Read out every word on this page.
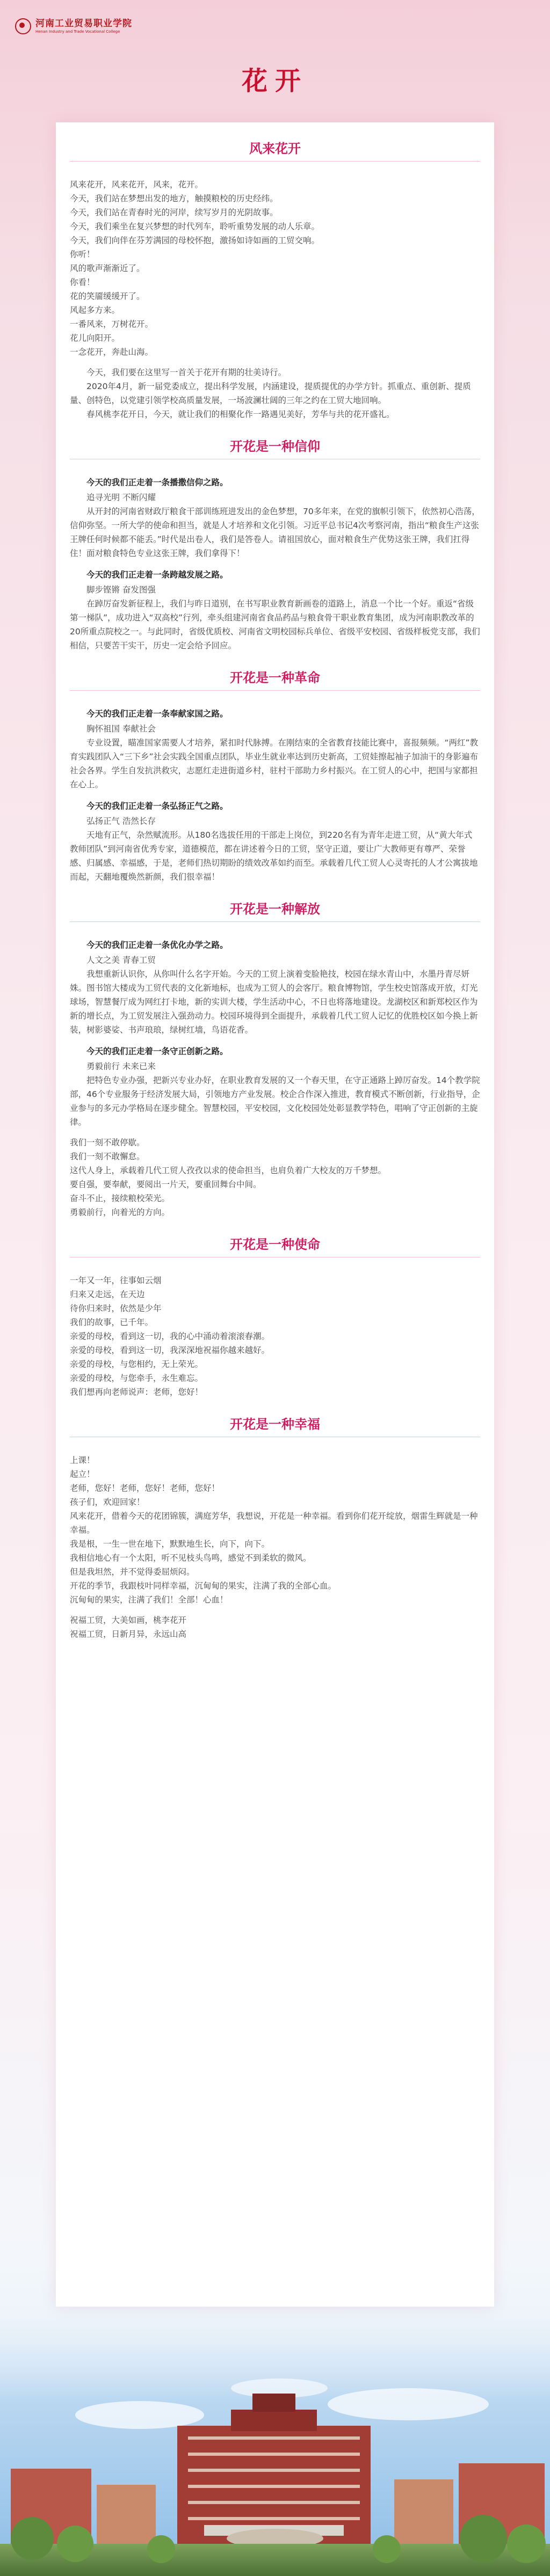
河南工业贸易职业学院
Henan Industry and Trade Vocational College
花开
风来花开
风来花开，风来花开，风来，花开。
今天，我们站在梦想出发的地方，触摸粮校的历史经纬。
今天，我们站在青春时光的河岸，续写岁月的光阴故事。
今天，我们乘坐在复兴梦想的时代列车，聆听重势发展的动人乐章。
今天，我们向伴在芬芳满园的母校怀抱，激扬如诗如画的工贸交响。
你听！
风的歌声渐渐近了。
你看！
花的笑靥缓缓开了。
风起多方来。
一番风来，万树花开。
花儿向阳开。
一念花开，奔赴山海。
今天，我们要在这里写一首关于花开有期的壮美诗行。
2020年4月，新一届党委成立，提出科学发展，内涵建设，提质提优的办学方针。抓重点、重创新、提质量、创特色，以党建引领学校高质量发展，一场波澜壮阔的三年之约在工贸大地回响。
春风桃李花开日，今天，就让我们的相聚化作一路遇见美好，芳华与共的花开盛礼。
开花是一种信仰
今天的我们正走着一条播撒信仰之路。
追寻光明 不断闪耀
从开封的河南省财政厅粮食干部训练班进发出的金色梦想，70多年来，在党的旗帜引领下，依然初心浩荡，信仰弥坚。一所大学的使命和担当，就是人才培养和文化引领。习近平总书记4次考察河南，指出“粮食生产这张王牌任何时候都不能丢。”时代是出卷人，我们是答卷人。请祖国放心，面对粮食生产优势这张王牌，我们扛得住！面对粮食特色专业这张王牌，我们拿得下！
今天的我们正走着一条跨越发展之路。
脚步铿锵 奋发图强
在踔厉奋发新征程上，我们与昨日道别，在书写职业教育新画卷的道路上，消息一个比一个好。重返“省级第一梯队”，成功进入“双高校”行列，牵头组建河南省食品药品与粮食骨干职业教育集团，成为河南职教改革的20所重点院校之一。与此同时，省级优质校、河南省文明校园标兵单位、省级平安校园、省级样板党支部，我们相信，只要苦干实干，历史一定会给予回应。
开花是一种革命
今天的我们正走着一条奉献家国之路。
胸怀祖国 奉献社会
专业设置，瞄准国家需要人才培养，紧扣时代脉搏。在刚结束的全省教育技能比赛中，喜报频频。“两红”教育实践团队入“三下乡”社会实践全国重点团队，毕业生就业率达到历史新高，工贸娃擦起袖子加油干的身影遍布社会各界。学生自发抗洪救灾，志愿红走进街道乡村，驻村干部助力乡村振兴。在工贸人的心中，把国与家都担在心上。
今天的我们正走着一条弘扬正气之路。
弘扬正气 浩然长存
天地有正气，杂然赋流形。从180名选拔任用的干部走上岗位，到220名有为青年走进工贸，从“黄大年式教师团队”到河南省优秀专家，道德模范，都在讲述着今日的工贸，坚守正道，要让广大教师更有尊严、荣誉感、归属感、幸福感，于是，老师们热切期盼的绩效改革如约而至。承载着几代工贸人心灵寄托的人才公寓拔地而起，天翻地覆焕然新颜，我们很幸福！
开花是一种解放
今天的我们正走着一条优化办学之路。
人文之美 青春工贸
我想重新认识你，从你叫什么名字开始。今天的工贸上演着变脸艳技，校园在绿水青山中，水墨丹青尽妍姝。图书馆大楼成为工贸代表的文化新地标，也成为工贸人的会客厅。粮食博物馆，学生校史馆落成开放，灯光球场，智慧餐厅成为网红打卡地，新的实训大楼，学生活动中心，不日也将落地建设。龙湖校区和新郑校区作为新的增长点，为工贸发展注入强劲动力。校园环境得到全面提升，承载着几代工贸人记忆的优胜校区如今换上新装，树影婆娑、书声琅琅，绿树红墙，鸟语花香。
今天的我们正走着一条守正创新之路。
勇毅前行 未来已来
把特色专业办强，把新兴专业办好，在职业教育发展的又一个春天里，在守正通路上踔厉奋发。14个教学院部，46个专业服务于经济发展大局，引领地方产业发展。校企合作深入推进，教育模式不断创新，行业指导，企业参与的多元办学格局在逐步健全。智慧校园，平安校园，文化校园处处彰显教学特色，唱响了守正创新的主旋律。
我们一刻不敢停歇。
我们一刻不敢懈怠。
这代人身上，承载着几代工贸人孜孜以求的使命担当，也肩负着广大校友的万千梦想。
要自强，要奉献，要阅出一片天，要重回舞台中间。
奋斗不止，接续粮校荣光。
勇毅前行，向着光的方向。
开花是一种使命
一年又一年，往事如云烟
归来又走远，在天边
待你归来时，依然是少年
我们的故事，已千年。
亲爱的母校，看到这一切，我的心中涌动着滚滚春潮。
亲爱的母校，看到这一切，我深深地祝福你越来越好。
亲爱的母校，与您相约，无上荣光。
亲爱的母校，与您牵手，永生难忘。
我们想再向老师说声：老师，您好！
开花是一种幸福
上课！
起立！
老师，您好！老师，您好！老师，您好！
孩子们，欢迎回家！
风来花开，借着今天的花团锦簇，满庭芳华，我想说，开花是一种幸福。看到你们花开绽放，烟雷生辉就是一种幸福。
我是根，一生一世在地下，默默地生长，向下，向下。
我相信地心有一个太阳，听不见枝头鸟鸣，感觉不到柔软的微风。
但是我坦然，并不觉得委屈烦闷。
开花的季节，我跟枝叶同样幸福，沉甸甸的果实，注满了我的全部心血。
沉甸甸的果实，注满了我们！全部！心血！
祝福工贸，大美如画，桃李花开
祝福工贸，日新月异，永远山高
